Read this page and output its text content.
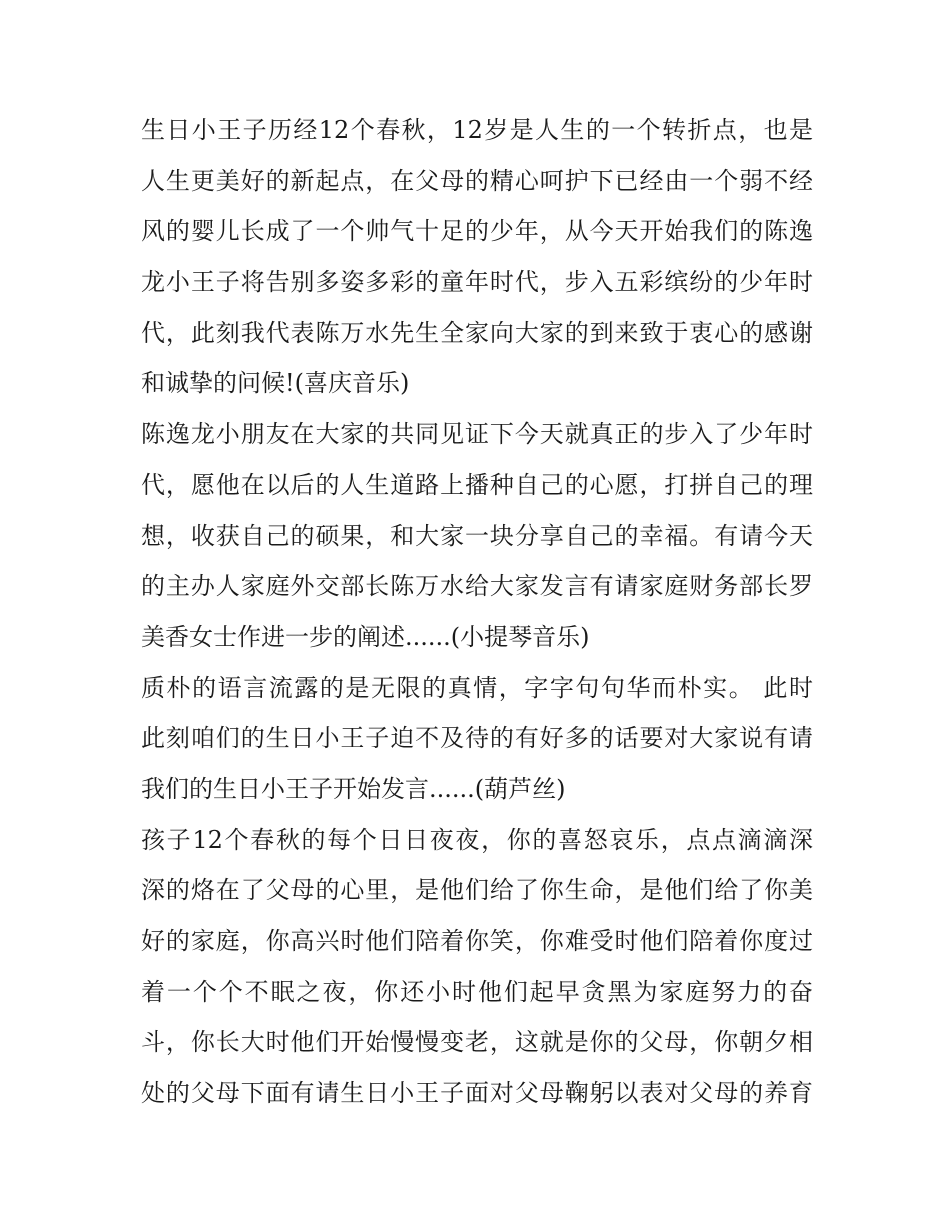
生日小王子历经12个春秋，12岁是人生的一个转折点，也是
人生更美好的新起点，在父母的精心呵护下已经由一个弱不经
风的婴儿长成了一个帅气十足的少年，从今天开始我们的陈逸
龙小王子将告别多姿多彩的童年时代，步入五彩缤纷的少年时
代，此刻我代表陈万水先生全家向大家的到来致于衷心的感谢
和诚挚的问候!(喜庆音乐)
陈逸龙小朋友在大家的共同见证下今天就真正的步入了少年时
代，愿他在以后的人生道路上播种自己的心愿，打拼自己的理
想，收获自己的硕果，和大家一块分享自己的幸福。有请今天
的主办人家庭外交部长陈万水给大家发言有请家庭财务部长罗
美香女士作进一步的阐述......(小提琴音乐)
质朴的语言流露的是无限的真情，字字句句华而朴实。 此时
此刻咱们的生日小王子迫不及待的有好多的话要对大家说有请
我们的生日小王子开始发言......(葫芦丝)
孩子12个春秋的每个日日夜夜，你的喜怒哀乐，点点滴滴深
深的烙在了父母的心里，是他们给了你生命，是他们给了你美
好的家庭，你高兴时他们陪着你笑，你难受时他们陪着你度过
着一个个不眠之夜，你还小时他们起早贪黑为家庭努力的奋
斗，你长大时他们开始慢慢变老，这就是你的父母，你朝夕相
处的父母下面有请生日小王子面对父母鞠躬以表对父母的养育
